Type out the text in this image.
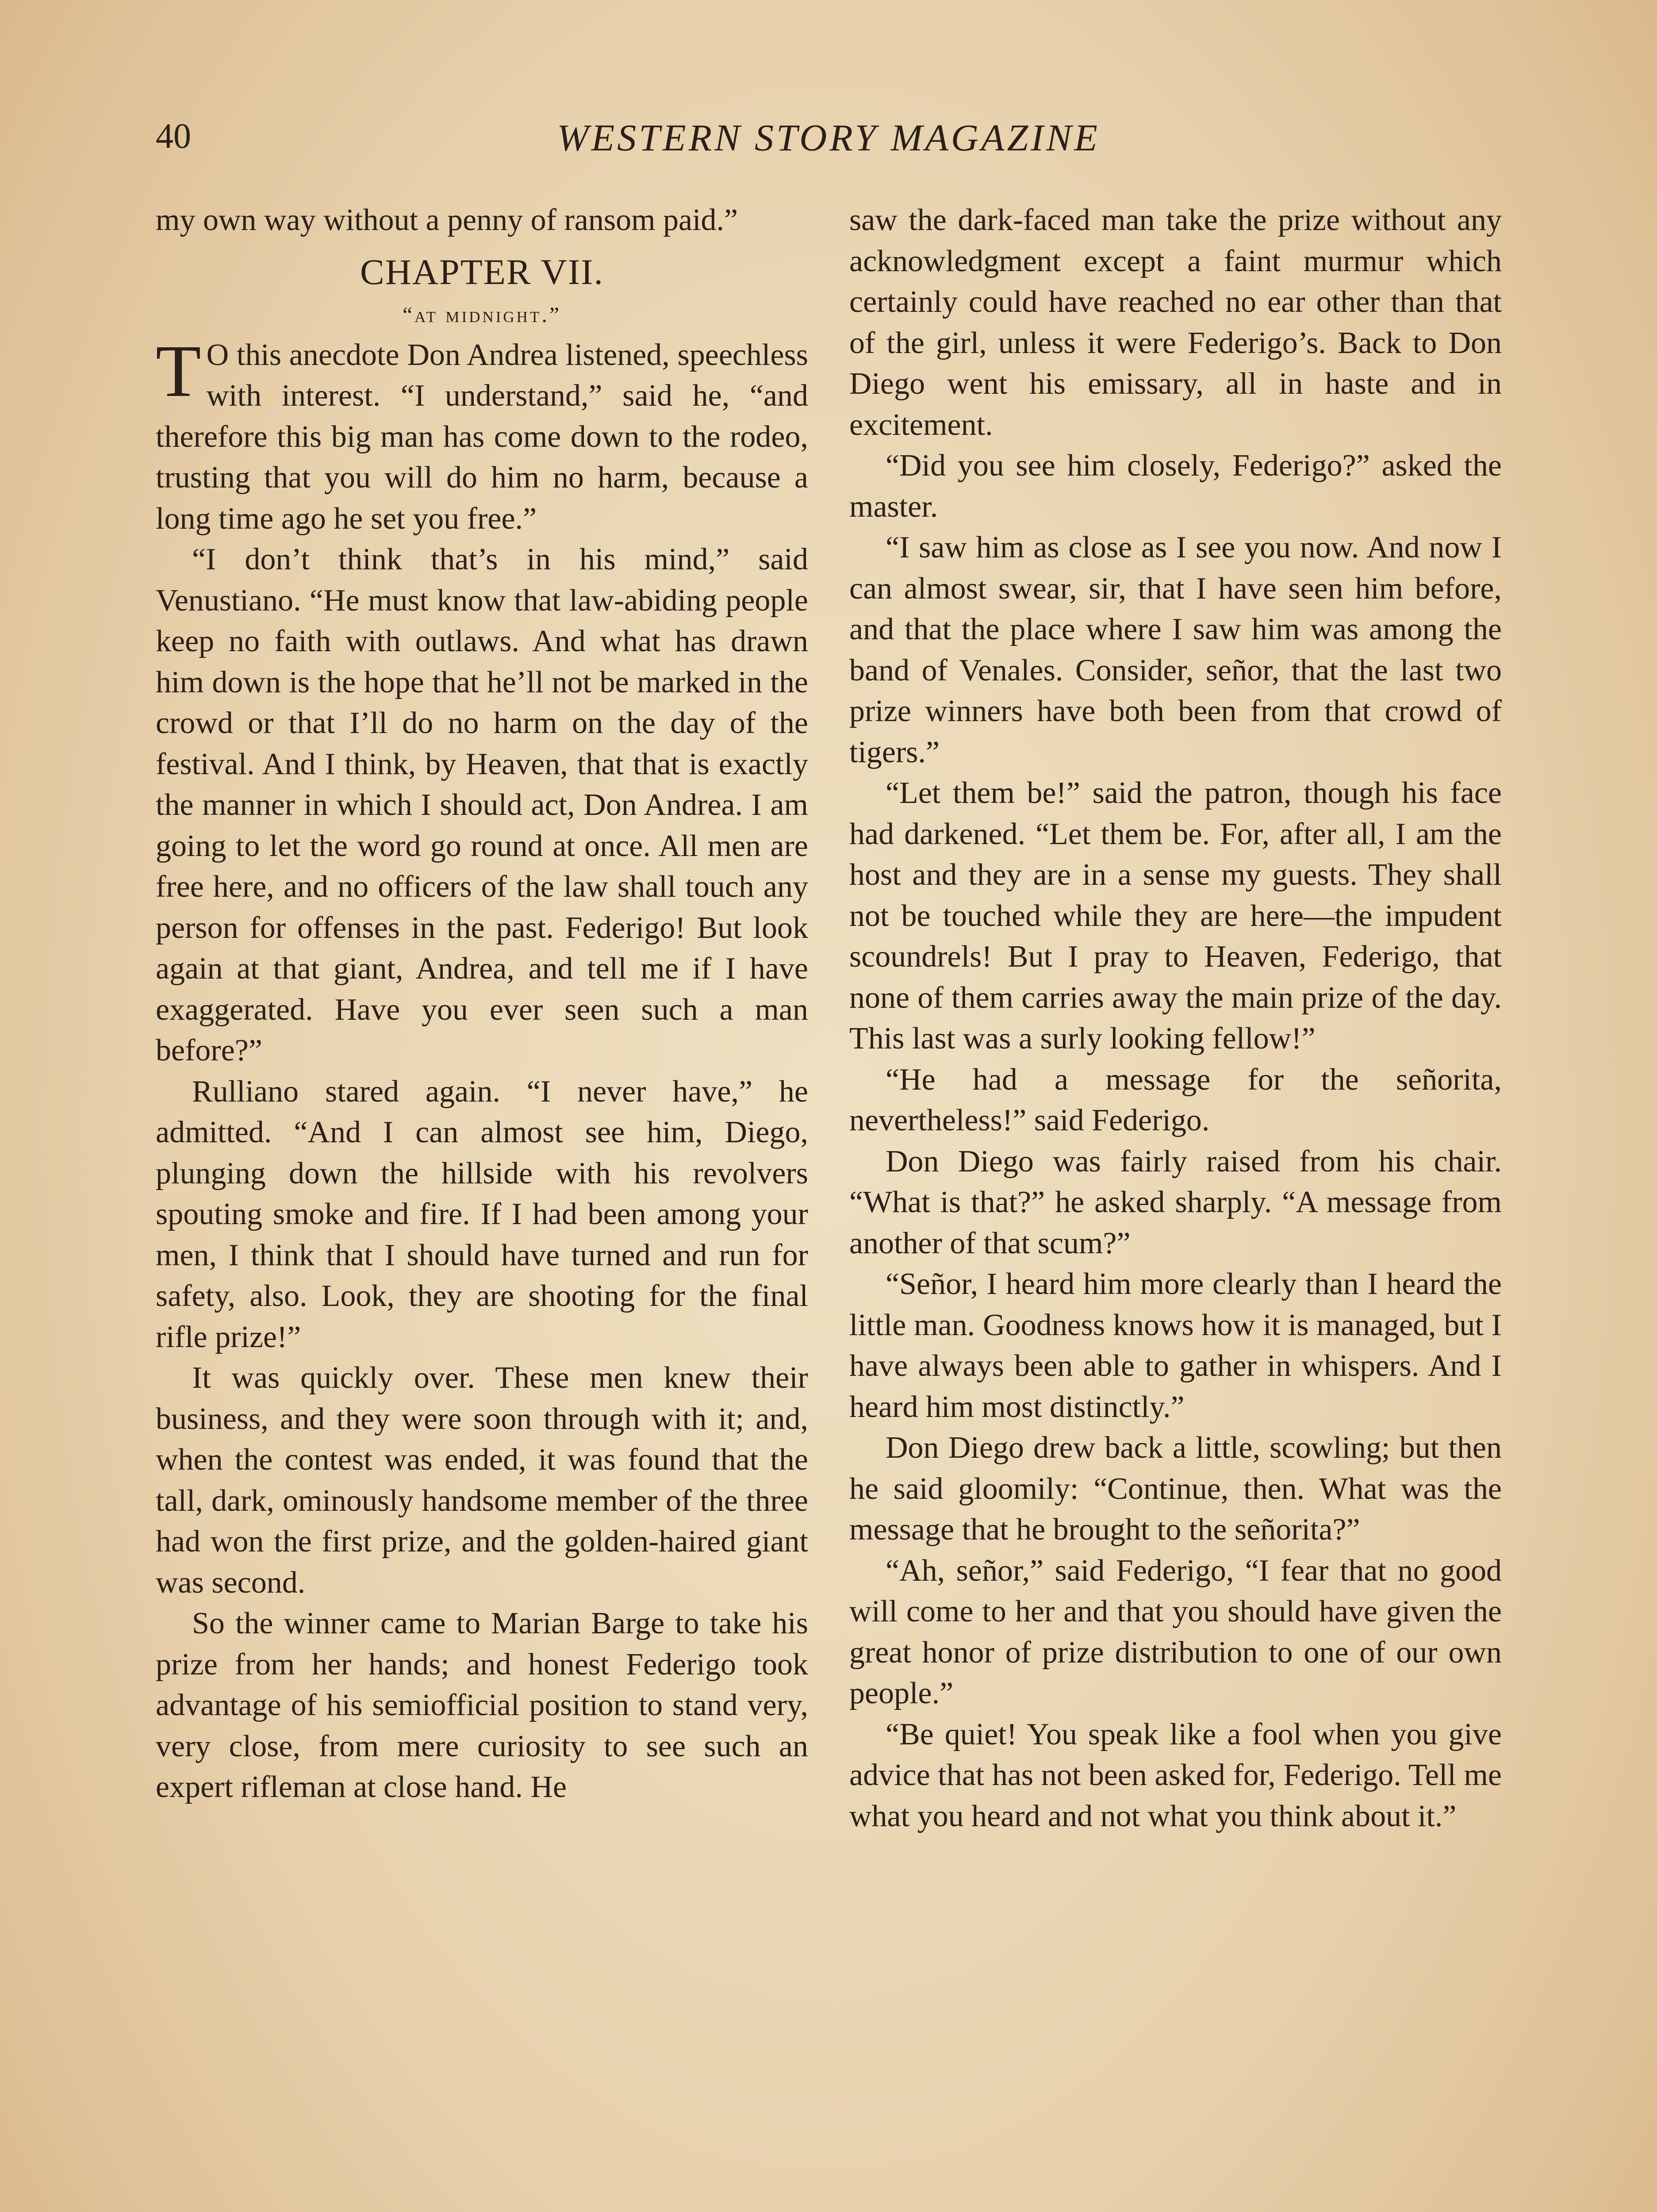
40	WESTERN STORY MAGAZINE

my own way without a penny of ransom paid.”

CHAPTER VII.
“at midnight.”

T O this anecdote Don Andrea listened, speechless with interest. “I understand,” said he, “and therefore this big man has come down to the rodeo, trusting that you will do him no harm, because a long time ago he set you free.”

“I don’t think that’s in his mind,” said Venustiano. “He must know that law-abiding people keep no faith with outlaws. And what has drawn him down is the hope that he’ll not be marked in the crowd or that I’ll do no harm on the day of the festival. And I think, by Heaven, that that is exactly the manner in which I should act, Don Andrea. I am going to let the word go round at once. All men are free here, and no officers of the law shall touch any person for offenses in the past. Federigo! But look again at that giant, Andrea, and tell me if I have exaggerated. Have you ever seen such a man before?”

Rulliano stared again. “I never have,” he admitted. “And I can almost see him, Diego, plunging down the hillside with his revolvers spouting smoke and fire. If I had been among your men, I think that I should have turned and run for safety, also. Look, they are shooting for the final rifle prize!”

It was quickly over. These men knew their business, and they were soon through with it; and, when the contest was ended, it was found that the tall, dark, ominously handsome member of the three had won the first prize, and the golden-haired giant was second.

So the winner came to Marian Barge to take his prize from her hands; and honest Federigo took advantage of his semiofficial position to stand very, very close, from mere curiosity to see such an expert rifleman at close hand. He

saw the dark-faced man take the prize without any acknowledgment except a faint murmur which certainly could have reached no ear other than that of the girl, unless it were Federigo’s. Back to Don Diego went his emissary, all in haste and in excitement.

“Did you see him closely, Federigo?” asked the master.

“I saw him as close as I see you now. And now I can almost swear, sir, that I have seen him before, and that the place where I saw him was among the band of Venales. Consider, señor, that the last two prize winners have both been from that crowd of tigers.”

“Let them be!” said the patron, though his face had darkened. “Let them be. For, after all, I am the host and they are in a sense my guests. They shall not be touched while they are here—the impudent scoundrels! But I pray to Heaven, Federigo, that none of them carries away the main prize of the day. This last was a surly looking fellow!”

“He had a message for the señorita, nevertheless!” said Federigo.

Don Diego was fairly raised from his chair. “What is that?” he asked sharply. “A message from another of that scum?”

“Señor, I heard him more clearly than I heard the little man. Goodness knows how it is managed, but I have always been able to gather in whispers. And I heard him most distinctly.”

Don Diego drew back a little, scowling; but then he said gloomily: “Continue, then. What was the message that he brought to the señorita?”

“Ah, señor,” said Federigo, “I fear that no good will come to her and that you should have given the great honor of prize distribution to one of our own people.”

“Be quiet! You speak like a fool when you give advice that has not been asked for, Federigo. Tell me what you heard and not what you think about it.”
